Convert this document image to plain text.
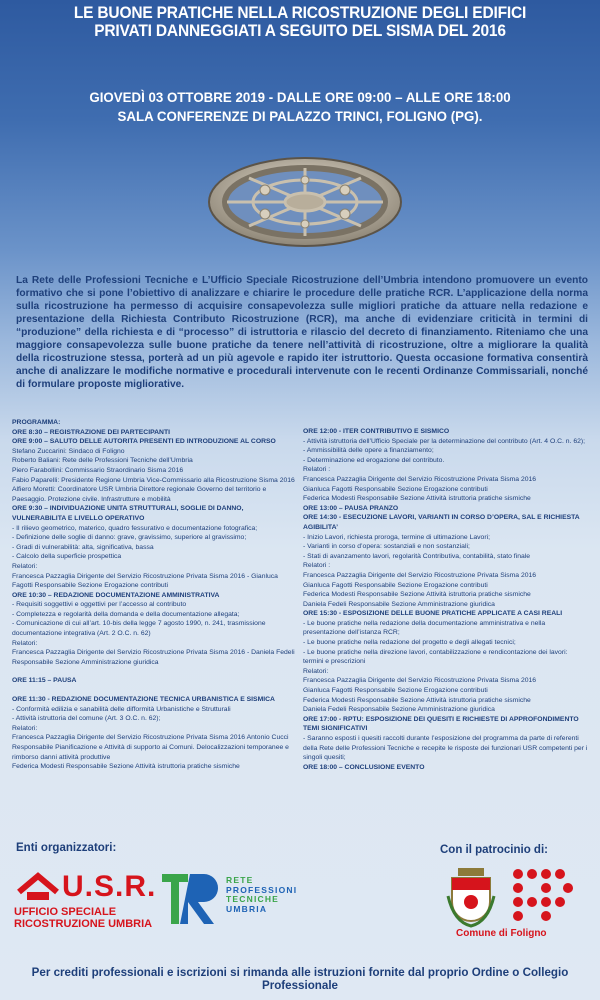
LE BUONE PRATICHE NELLA RICOSTRUZIONE DEGLI EDIFICI
PRIVATI DANNEGGIATI A SEGUITO DEL SISMA DEL 2016
GIOVEDÌ 03 OTTOBRE 2019 - DALLE ORE 09:00 – ALLE ORE 18:00
SALA CONFERENZE DI PALAZZO TRINCI, FOLIGNO (PG).

La Rete delle Professioni Tecniche e L’Ufficio Speciale Ricostruzione dell’Umbria intendono promuovere un evento formativo che si pone l’obiettivo di analizzare e chiarire le procedure delle pratiche RCR. L’applicazione della norma sulla ricostruzione ha permesso di acquisire consapevolezza sulle migliori pratiche da attuare nella redazione e presentazione della Richiesta Contributo Ricostruzione (RCR), ma anche di evidenziare criticità in termini di “produzione” della richiesta e di “processo” di istruttoria e rilascio del decreto di finanziamento. Riteniamo che una maggiore consapevolezza sulle buone pratiche da tenere nell’attività di ricostruzione, oltre a migliorare la qualità della ricostruzione stessa, porterà ad un più agevole e rapido iter istruttorio. Questa occasione formativa consentirà anche di analizzare le modifiche normative e procedurali intervenute con le recenti Ordinanze Commissariali, nonché di formulare proposte migliorative.

PROGRAMMA:

ORE 8:30 – REGISTRAZIONE DEI PARTECIPANTI

ORE 9:00 – SALUTO DELLE AUTORITA PRESENTI ED INTRODUZIONE AL CORSO

Stefano Zuccarini: Sindaco di Foligno

Roberto Baliani: Rete delle Professioni Tecniche dell’Umbria

Piero Farabollini: Commissario Straordinario Sisma 2016

Fabio Paparelli: Presidente Regione Umbria Vice-Commissario alla Ricostruzione Sisma 2016

Alfiero Moretti: Coordinatore USR Umbria Direttore regionale Governo del territorio e Paesaggio. Protezione civile. Infrastrutture e mobilità

ORE 9:30 – INDIVIDUAZIONE UNITA STRUTTURALI, SOGLIE DI DANNO, VULNERABILITA E LIVELLO OPERATIVO

- Il rilievo geometrico, materico, quadro fessurativo e documentazione fotografica;

- Definizione delle soglie di danno: grave, gravissimo, superiore al gravissimo;

- Gradi di vulnerabilità: alta, significativa, bassa

- Calcolo della superficie prospettica

Relatori:

Francesca Pazzaglia Dirigente del Servizio Ricostruzione Privata Sisma 2016 - Gianluca Fagotti Responsabile Sezione Erogazione contributi

ORE 10:30 – REDAZIONE DOCUMENTAZIONE AMMINISTRATIVA

- Requisiti soggettivi e oggettivi per l’accesso al contributo

- Completezza e regolarità della domanda e della documentazione allegata;

- Comunicazione di cui all’art. 10-bis della legge 7 agosto 1990, n. 241, trasmissione documentazione integrativa (Art. 2 O.C. n. 62)

Relatori:

Francesca Pazzaglia Dirigente del Servizio Ricostruzione Privata Sisma 2016 - Daniela Fedeli Responsabile Sezione Amministrazione giuridica

ORE 11:15 – PAUSA

ORE 11:30 - REDAZIONE DOCUMENTAZIONE TECNICA URBANISTICA E SISMICA

- Conformità edilizia e sanabilità delle difformità Urbanistiche e Strutturali

- Attività istruttoria del comune (Art. 3 O.C. n. 62);

Relatori:

Francesca Pazzaglia Dirigente del Servizio Ricostruzione Privata Sisma 2016 Antonio Cucci Responsabile Pianificazione e Attività di supporto ai Comuni. Delocalizzazioni temporanee e rimborso danni attività produttive

Federica Modesti Responsabile Sezione Attività istruttoria pratiche sismiche

ORE 12:00 - ITER CONTRIBUTIVO E SISMICO

- Attività istruttoria dell’Ufficio Speciale per la determinazione del contributo (Art. 4 O.C. n. 62);

- Ammissibilità delle opere a finanziamento;

- Determinazione ed erogazione del contributo.

Relatori :

Francesca Pazzaglia Dirigente del Servizio Ricostruzione Privata Sisma 2016

Gianluca Fagotti Responsabile Sezione Erogazione contributi

Federica Modesti Responsabile Sezione Attività istruttoria pratiche sismiche

ORE 13:00 – PAUSA PRANZO

ORE 14:30 - ESECUZIONE LAVORI, VARIANTI IN CORSO D’OPERA, SAL E RICHIESTA AGIBILITA’

- Inizio Lavori, richiesta proroga, termine di ultimazione Lavori;

- Varianti in corso d’opera: sostanziali e non sostanziali;

- Stati di avanzamento lavori, regolarità Contributiva, contabilità, stato finale

Relatori :

Francesca Pazzaglia Dirigente del Servizio Ricostruzione Privata Sisma 2016

Gianluca Fagotti Responsabile Sezione Erogazione contributi

Federica Modesti Responsabile Sezione Attività istruttoria pratiche sismiche

Daniela Fedeli Responsabile Sezione Amministrazione giuridica

ORE 15:30 - ESPOSIZIONE DELLE BUONE PRATICHE APPLICATE A CASI REALI

- Le buone pratiche nella redazione della documentazione amministrativa e nella presentazione dell’istanza RCR;

- Le buone pratiche nella redazione del progetto e degli allegati tecnici;

- Le buone pratiche nella direzione lavori, contabilizzazione e rendicontazione dei lavori: termini e prescrizioni

Relatori:

Francesca Pazzaglia Dirigente del Servizio Ricostruzione Privata Sisma 2016

Gianluca Fagotti Responsabile Sezione Erogazione contributi

Federica Modesti Responsabile Sezione Attività istruttoria pratiche sismiche

Daniela Fedeli Responsabile Sezione Amministrazione giuridica

ORE 17:00 - RPTU: ESPOSIZIONE DEI QUESITI E RICHIESTE DI APPROFONDIMENTO TEMI SIGNIFICATIVI

- Saranno esposti i quesiti raccolti durante l’esposizione del programma da parte di referenti della Rete delle Professioni Tecniche e recepite le risposte dei funzionari USR competenti per i singoli quesiti;

ORE 18:00 – CONCLUSIONE EVENTO

Enti organizzatori:	Con il patrocinio di:
U.S.R.
UFFICIO SPECIALE
RICOSTRUZIONE UMBRIA
TR
RETE
PROFESSIONI
TECNICHE
UMBRIA
Comune di Foligno
Per crediti professionali e iscrizioni si rimanda alle istruzioni fornite dal proprio Ordine o Collegio Professionale
